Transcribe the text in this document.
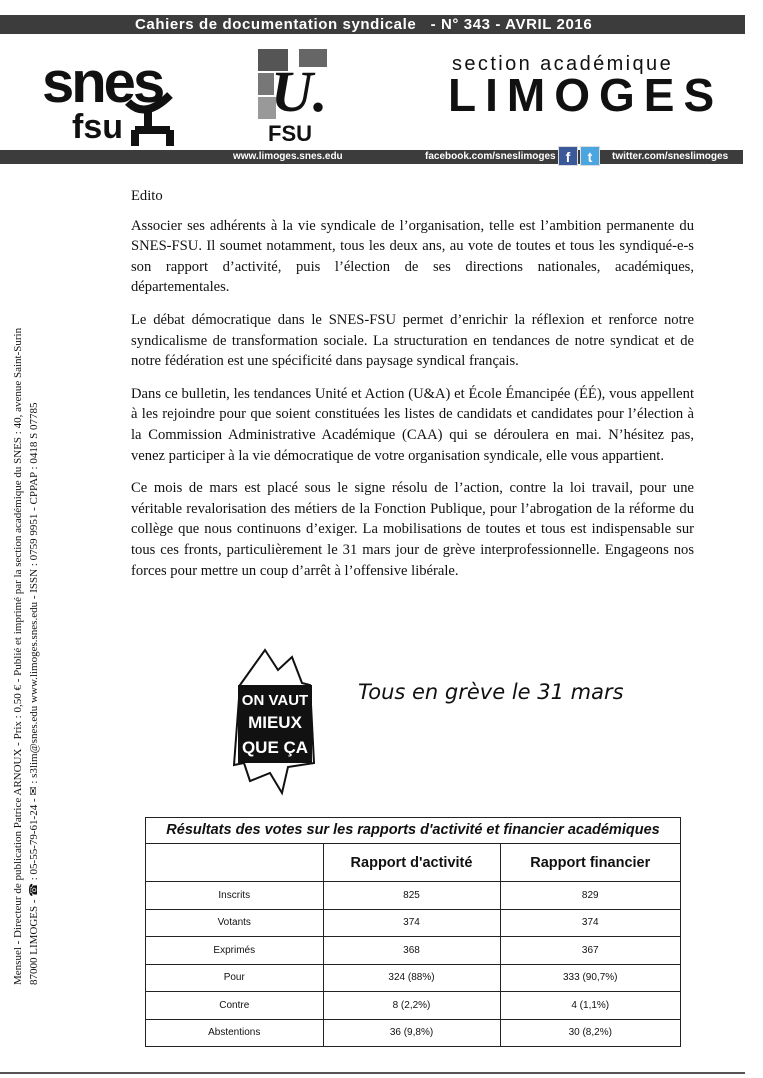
Cahiers de documentation syndicale   - N° 343 - AVRIL 2016
snes
fsu
U.
FSU
section académique
LIMOGES
www.limoges.snes.edu	facebook.com/sneslimoges	twitter.com/sneslimoges
f	t

Mensuel - Directeur de publication Patrice ARNOUX - Prix : 0,50 € - Publié et imprimé par la section académique du SNES : 40, avenue Saint-Surin 87000 LIMOGES - ☎ : 05-55-79-61-24 - ✉ : s3lim@snes.edu www.limoges.snes.edu - ISSN : 0759 9951 - CPPAP : 0418 S 07785

Edito

Associer ses adhérents à la vie syndicale de l’organisation, telle est l’ambition permanente du SNES-FSU. Il soumet notamment, tous les deux ans, au vote de toutes et tous les syndiqué-e-s son rapport d’activité, puis l’élection de ses directions nationales, académiques, départementales.

Le débat démocratique dans le SNES-FSU permet d’enrichir la réflexion et renforce notre syndicalisme de transformation sociale. La structuration en tendances de notre syndicat et de notre fédération est une spécificité dans paysage syndical français.

Dans ce bulletin, les tendances Unité et Action (U&A) et École Émancipée (ÉÉ), vous appellent à les rejoindre pour que soient constituées les listes de candidats et candidates pour l’élection à la Commission Administrative Académique (CAA) qui se déroulera en mai. N’hésitez pas, venez participer à la vie démocratique de votre organisation syndicale, elle vous appartient.

Ce mois de mars est placé sous le signe résolu de l’action, contre la loi travail, pour une véritable revalorisation des métiers de la Fonction Publique, pour l’abrogation de la réforme du collège que nous continuons d’exiger. La mobilisations de toutes et tous est indispensable sur tous ces fronts, particulièrement le 31 mars jour de grève interprofessionnelle. Engageons nos forces pour mettre un coup d’arrêt à l’offensive libérale.

ON VAUT
MIEUX
QUE ÇA
Tous en grève le 31 mars
Résultats des votes sur les rapports d'activité et financier académiques
	Rapport d'activité	Rapport financier
Inscrits	825	829
Votants	374	374
Exprimés	368	367
Pour	324 (88%)	333 (90,7%)
Contre	8 (2,2%)	4 (1,1%)
Abstentions	36 (9,8%)	30 (8,2%)
